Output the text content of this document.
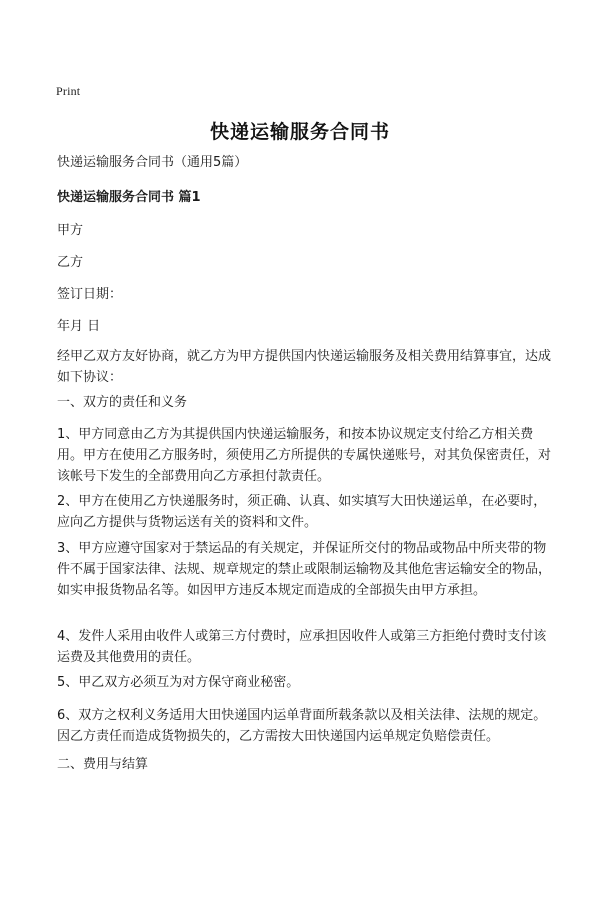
Print
快递运输服务合同书
快递运输服务合同书（通用5篇）
快递运输服务合同书 篇1
甲方
乙方
签订日期：
年月 日
经甲乙双方友好协商，就乙方为甲方提供国内快递运输服务及相关费用结算事宜，达成如下协议：
一、双方的责任和义务
1、甲方同意由乙方为其提供国内快递运输服务，和按本协议规定支付给乙方相关费用。甲方在使用乙方服务时，须使用乙方所提供的专属快递账号，对其负保密责任，对该帐号下发生的全部费用向乙方承担付款责任。
2、甲方在使用乙方快递服务时，须正确、认真、如实填写大田快递运单，在必要时，应向乙方提供与货物运送有关的资料和文件。
3、甲方应遵守国家对于禁运品的有关规定，并保证所交付的物品或物品中所夹带的物件不属于国家法律、法规、规章规定的禁止或限制运输物及其他危害运输安全的物品，如实申报货物品名等。如因甲方违反本规定而造成的全部损失由甲方承担。
4、发件人采用由收件人或第三方付费时，应承担因收件人或第三方拒绝付费时支付该运费及其他费用的责任。
5、甲乙双方必须互为对方保守商业秘密。
6、双方之权利义务适用大田快递国内运单背面所载条款以及相关法律、法规的规定。因乙方责任而造成货物损失的，乙方需按大田快递国内运单规定负赔偿责任。
二、费用与结算
